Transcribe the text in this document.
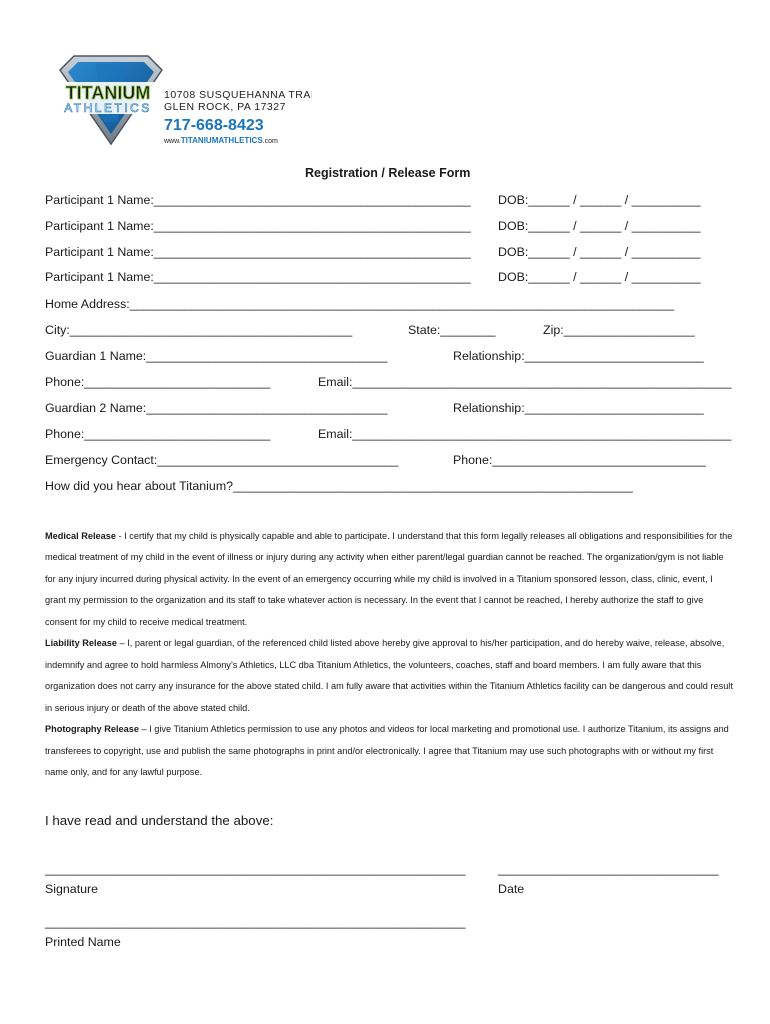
TITANIUM
ATHLETICS
10708 SUSQUEHANNA TRAIL
GLEN ROCK, PA 17327
717-668-8423
www.TITANIUMATHLETICS.com
Registration / Release Form
Participant 1 Name:______________________________________________ DOB:______ / ______ / __________
Participant 1 Name:______________________________________________ DOB:______ / ______ / __________
Participant 1 Name:______________________________________________ DOB:______ / ______ / __________
Participant 1 Name:______________________________________________ DOB:______ / ______ / __________
Home Address:_______________________________________________________________________________
City:_________________________________________	State:________	Zip:___________________
Guardian 1 Name:___________________________________	Relationship:__________________________
Phone:___________________________	Email:_______________________________________________________
Guardian 2 Name:___________________________________	Relationship:__________________________
Phone:___________________________	Email:_______________________________________________________
Emergency Contact:___________________________________	Phone:_______________________________
How did you hear about Titanium?__________________________________________________________

Medical Release - I certify that my child is physically capable and able to participate. I understand that this form legally releases all obligations and responsibilities for the medical treatment of my child in the event of illness or injury during any activity when either parent/legal guardian cannot be reached. The organization/gym is not liable for any injury incurred during physical activity. In the event of an emergency occurring while my child is involved in a Titanium sponsored lesson, class, clinic, event, I grant my permission to the organization and its staff to take whatever action is necessary. In the event that I cannot be reached, I hereby authorize the staff to give consent for my child to receive medical treatment.

Liability Release – I, parent or legal guardian, of the referenced child listed above hereby give approval to his/her participation, and do hereby waive, release, absolve, indemnify and agree to hold harmless Almony’s Athletics, LLC dba Titanium Athletics, the volunteers, coaches, staff and board members. I am fully aware that this organization does not carry any insurance for the above stated child. I am fully aware that activities within the Titanium Athletics facility can be dangerous and could result in serious injury or death of the above stated child.

Photography Release – I give Titanium Athletics permission to use any photos and videos for local marketing and promotional use. I authorize Titanium, its assigns and transferees to copyright, use and publish the same photographs in print and/or electronically. I agree that Titanium may use such photographs with or without my first name only, and for any lawful purpose.

I have read and understand the above:
_____________________________________________________________	________________________________
Signature	Date
_____________________________________________________________
Printed Name
